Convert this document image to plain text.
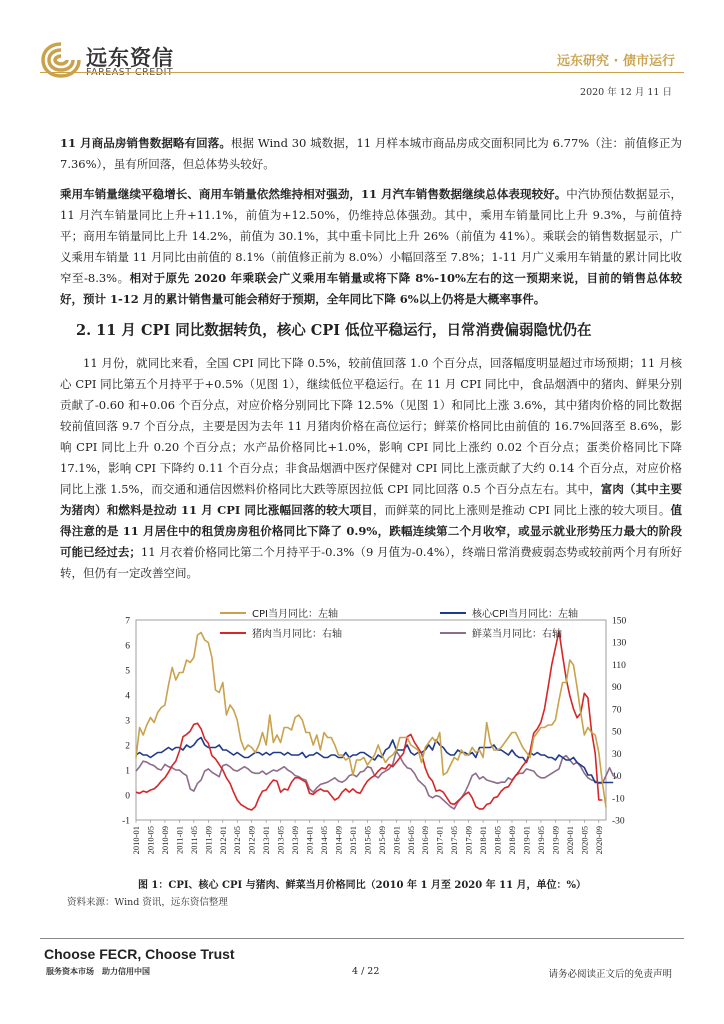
远东资信	远东研究 · 债市运行
2020 年 12 月 11 日

11 月商品房销售数据略有回落。根据 Wind 30 城数据，11 月样本城市商品房成交面积同比为 6.77%（注：前值修正为 7.36%），虽有所回落，但总体势头较好。

乘用车销量继续平稳增长、商用车销量依然维持相对强劲，11 月汽车销售数据继续总体表现较好。中汽协预估数据显示，11 月汽车销量同比上升+11.1%，前值为+12.50%，仍维持总体强劲。其中，乘用车销量同比上升 9.3%，与前值持平；商用车销量同比上升 14.2%，前值为 30.1%，其中重卡同比上升 26%（前值为 41%）。乘联会的销售数据显示，广义乘用车销量 11 月同比由前值的 8.1%（前值修正前为 8.0%）小幅回落至 7.8%；1-11 月广义乘用车销量的累计同比收窄至-8.3%。相对于原先 2020 年乘联会广义乘用车销量或将下降 8%-10%左右的这一预期来说，目前的销售总体较好，预计 1-12 月的累计销售量可能会稍好于预期，全年同比下降 6%以上仍将是大概率事件。

2. 11 月 CPI 同比数据转负，核心 CPI 低位平稳运行，日常消费偏弱隐忧仍在

11 月份，就同比来看，全国 CPI 同比下降 0.5%，较前值回落 1.0 个百分点，回落幅度明显超过市场预期；11 月核心 CPI 同比第五个月持平于+0.5%（见图 1），继续低位平稳运行。在 11 月 CPI 同比中，食品烟酒中的猪肉、鲜果分别贡献了-0.60 和+0.06 个百分点，对应价格分别同比下降 12.5%（见图 1）和同比上涨 3.6%，其中猪肉价格的同比数据较前值回落 9.7 个百分点，主要是因为去年 11 月猪肉价格在高位运行；鲜菜价格同比由前值的 16.7%回落至 8.6%，影响 CPI 同比上升 0.20 个百分点；水产品价格同比+1.0%，影响 CPI 同比上涨约 0.02 个百分点；蛋类价格同比下降 17.1%，影响 CPI 下降约 0.11 个百分点；非食品烟酒中医疗保健对 CPI 同比上涨贡献了大约 0.14 个百分点，对应价格同比上涨 1.5%，而交通和通信因燃料价格同比大跌等原因拉低 CPI 同比回落 0.5 个百分点左右。其中，富肉（其中主要为猪肉）和燃料是拉动 11 月 CPI 同比涨幅回落的较大项目，而鲜菜的同比上涨则是推动 CPI 同比上涨的较大项目。值得注意的是 11 月居住中的租赁房房租价格同比下降了 0.9%，跌幅连续第二个月收窄，或显示就业形势压力最大的阶段可能已经过去；11 月衣着价格同比第二个月持平于-0.3%（9 月值为-0.4%），终端日常消费疲弱态势或较前两个月有所好转，但仍有一定改善空间。

-1
0
1
2
3
4
5
6
7
-30
-10
10
30
50
70
90
110
130
150
2010-01 2010-05 2010-09 2011-01 2011-05 2011-09 2012-01 2012-05 2012-09 2013-01 2013-05 2013-09 2014-01 2014-05 2014-09 2015-01 2015-05 2015-09 2016-01 2016-05 2016-09 2017-01 2017-05 2017-09 2018-01 2018-05 2018-09 2019-01 2019-05 2019-09 2020-01 2020-05 2020-09
CPI当月同比：左轴	核心CPI当月同比：左轴
猪肉当月同比：右轴	鲜菜当月同比：右轴
图 1：CPI、核心 CPI 与猪肉、鲜菜当月价格同比（2010 年 1 月至 2020 年 11 月，单位：%）
资料来源：Wind 资讯，远东资信整理
Choose FECR, Choose Trust
服务资本市场　助力信用中国	4 / 22	请务必阅读正文后的免责声明
